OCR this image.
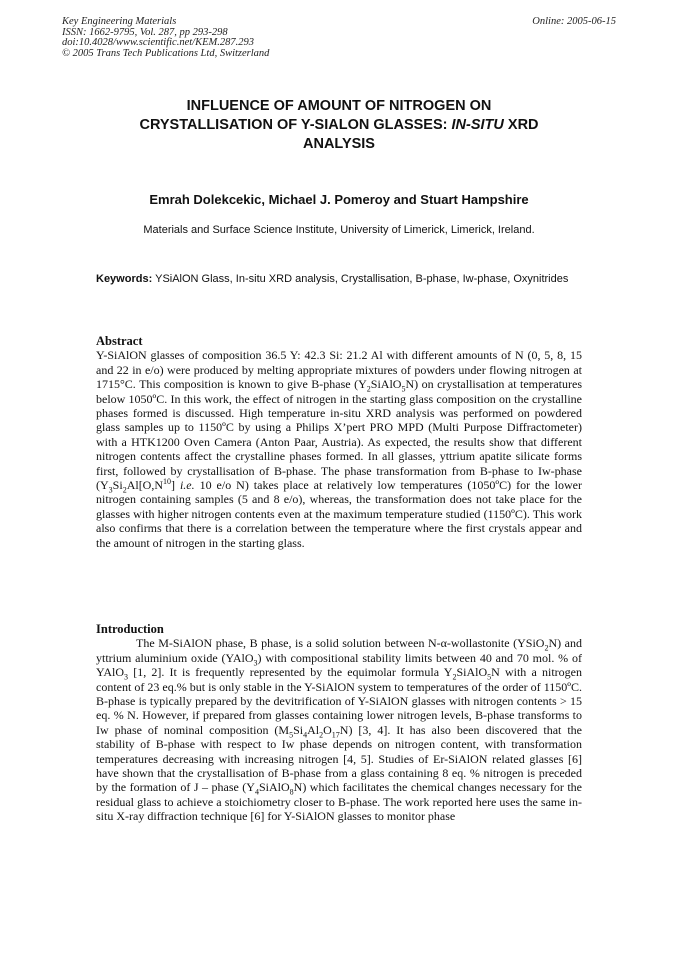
Key Engineering Materials
ISSN: 1662-9795, Vol. 287, pp 293-298
doi:10.4028/www.scientific.net/KEM.287.293
© 2005 Trans Tech Publications Ltd, Switzerland
Online: 2005-06-15
INFLUENCE OF AMOUNT OF NITROGEN ON
CRYSTALLISATION OF Y-SIALON GLASSES: IN-SITU XRD
ANALYSIS
Emrah Dolekcekic, Michael J. Pomeroy and Stuart Hampshire
Materials and Surface Science Institute, University of Limerick, Limerick, Ireland.
Keywords: YSiAlON Glass, In-situ XRD analysis, Crystallisation, B-phase, Iw-phase, Oxynitrides
Abstract

Y-SiAlON glasses of composition 36.5 Y: 42.3 Si: 21.2 Al with different amounts of N (0, 5, 8, 15 and 22 in e/o) were produced by melting appropriate mixtures of powders under flowing nitrogen at 1715°C. This composition is known to give B-phase $(Y_2SiAlO_5N)$ on crystallisation at temperatures below 1050ºC. In this work, the effect of nitrogen in the starting glass composition on the crystalline phases formed is discussed. High temperature in-situ XRD analysis was performed on powdered glass samples up to 1150ºC by using a Philips X’pert PRO MPD (Multi Purpose Diffractometer) with a HTK1200 Oven Camera (Anton Paar, Austria). As expected, the results show that different nitrogen contents affect the crystalline phases formed. In all glasses, yttrium apatite silicate forms first, followed by crystallisation of B-phase. The phase transformation from B-phase to Iw-phase ($Y_3Si_2Al[O,N^{10}]$ i.e. 10 e/o N) takes place at relatively low temperatures (1050ºC) for the lower nitrogen containing samples (5 and 8 e/o), whereas, the transformation does not take place for the glasses with higher nitrogen contents even at the maximum temperature studied (1150ºC). This work also confirms that there is a correlation between the temperature where the first crystals appear and the amount of nitrogen in the starting glass.

Introduction

The M-SiAlON phase, B phase, is a solid solution between N-α-wollastonite (YSiO$_2$N) and yttrium aluminium oxide (YAlO$_3$) with compositional stability limits between 40 and 70 mol. % of YAlO$_3$ [1, 2]. It is frequently represented by the equimolar formula $Y_2SiAlO_5N$ with a nitrogen content of 23 eq.% but is only stable in the Y-SiAlON system to temperatures of the order of 1150ºC. B-phase is typically prepared by the devitrification of Y-SiAlON glasses with nitrogen contents > 15 eq. % N. However, if prepared from glasses containing lower nitrogen levels, B-phase transforms to Iw phase of nominal composition $(M_5Si_4Al_2O_{17}N)$ [3, 4]. It has also been discovered that the stability of B-phase with respect to Iw phase depends on nitrogen content, with transformation temperatures decreasing with increasing nitrogen [4, 5]. Studies of Er-SiAlON related glasses [6] have shown that the crystallisation of B-phase from a glass containing 8 eq. % nitrogen is preceded by the formation of J – phase $(Y_4SiAlO_8N)$ which facilitates the chemical changes necessary for the residual glass to achieve a stoichiometry closer to B-phase. The work reported here uses the same in-situ X-ray diffraction technique [6] for Y-SiAlON glasses to monitor phase
